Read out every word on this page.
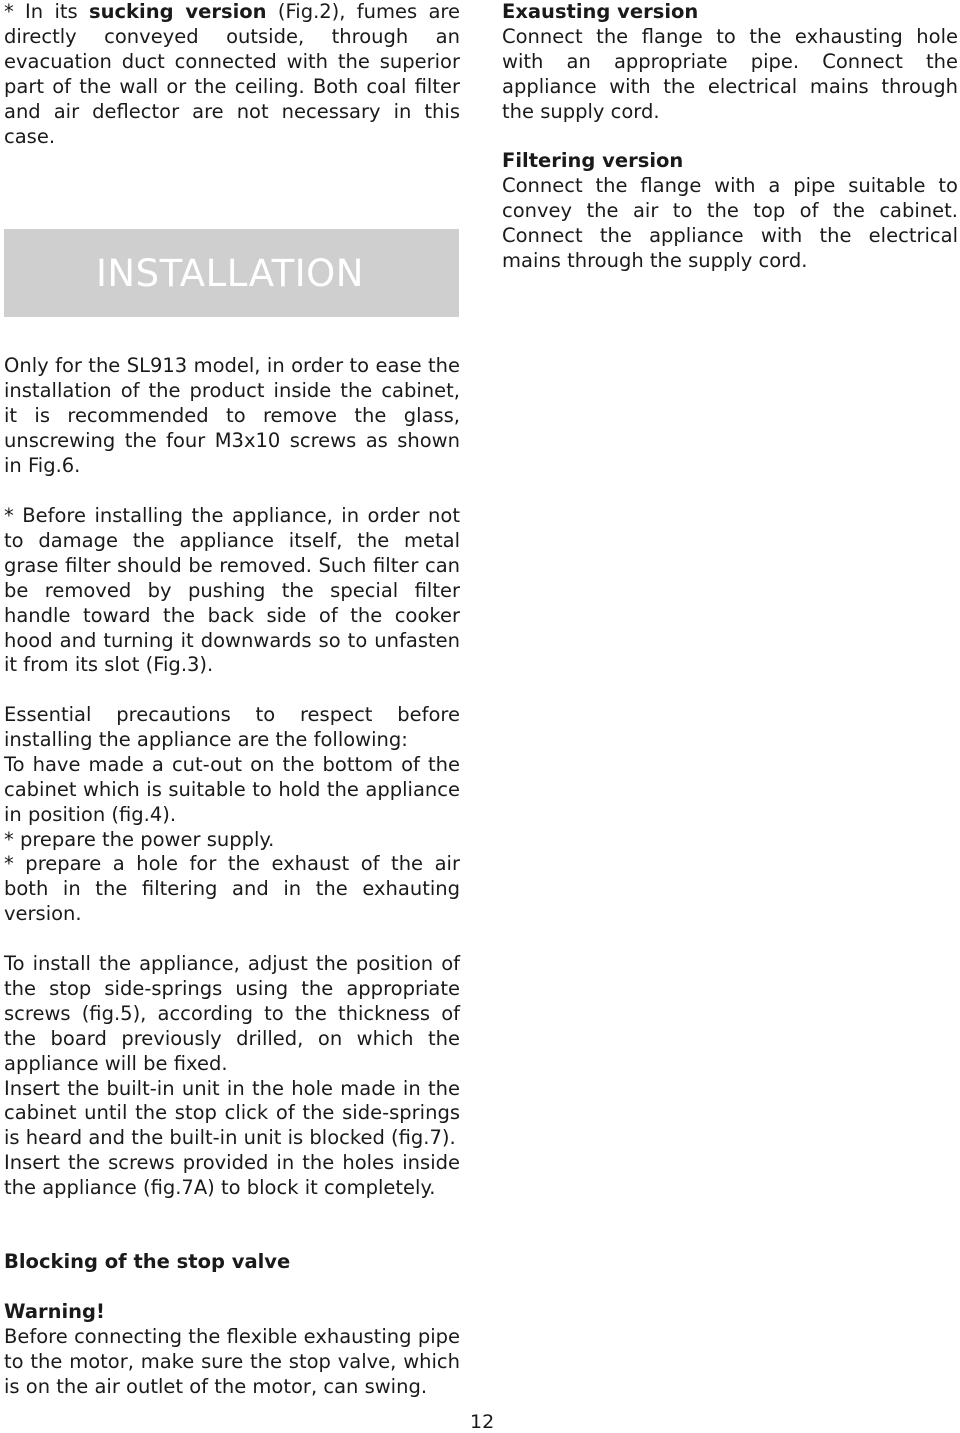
* In its sucking version (Fig.2), fumes are directly conveyed outside, through an evacuation duct connected with the superior part of the wall or the ceiling. Both coal filter and air deflector are not necessary in this case.

INSTALLATION
Exausting version

Connect the flange to the exhausting hole with an appropriate pipe. Connect the appliance with the electrical mains through the supply cord.

Filtering version

Connect the flange with a pipe suitable to convey the air to the top of the cabinet. Connect the appliance with the electrical mains through the supply cord.

Only for the SL913 model, in order to ease the installation of the product inside the cabinet, it is recommended to remove the glass, unscrewing the four M3x10 screws as shown in Fig.6.

* Before installing the appliance, in order not to damage the appliance itself, the metal grase filter should be removed. Such filter can be removed by pushing the special filter handle toward the back side of the cooker hood and turning it downwards so to unfasten it from its slot (Fig.3).

Essential precautions to respect before installing the appliance are the following:

To have made a cut-out on the bottom of the cabinet which is suitable to hold the appliance in position (fig.4).

* prepare the power supply.

* prepare a hole for the exhaust of the air both in the filtering and in the exhauting version.

To install the appliance, adjust the position of the stop side-springs using the appropriate screws (fig.5), according to the thickness of the board previously drilled, on which the appliance will be fixed.

Insert the built-in unit in the hole made in the cabinet until the stop click of the side-springs is heard and the built-in unit is blocked (fig.7).

Insert the screws provided in the holes inside the appliance (fig.7A) to block it completely.

Blocking of the stop valve
Warning!

Before connecting the flexible exhausting pipe to the motor, make sure the stop valve, which is on the air outlet of the motor, can swing.

12
